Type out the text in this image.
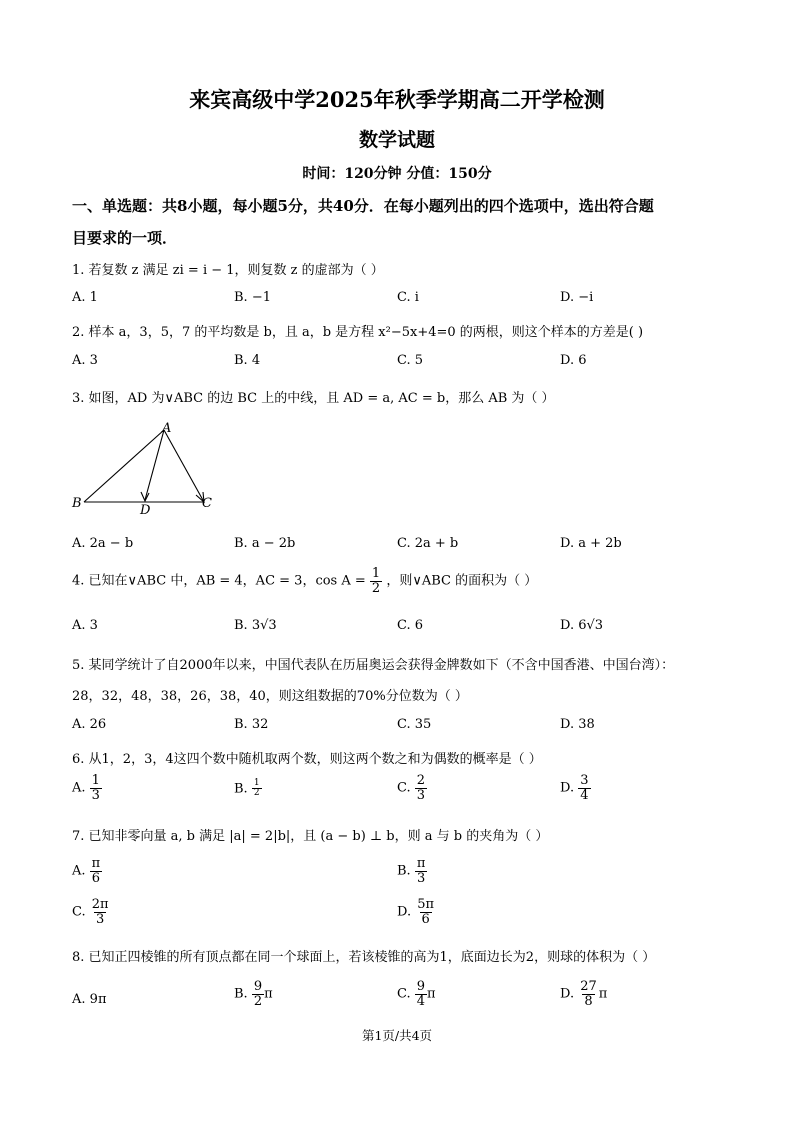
来宾高级中学2025年秋季学期高二开学检测
数学试题
时间：120分钟 分值：150分
一、单选题：共8小题，每小题5分，共40分．在每小题列出的四个选项中，选出符合题
目要求的一项．
1. 若复数 z 满足 zi = i − 1，则复数 z 的虚部为（ ）
A. 1	B. −1	C. i	D. −i
2. 样本 a，3，5，7 的平均数是 b，且 a，b 是方程 x²−5x+4=0 的两根，则这个样本的方差是( )
A. 3	B. 4	C. 5	D. 6
3. 如图，AD 为∨ABC 的边 BC 上的中线，且 AD = a, AC = b，那么 AB 为（ ）
A
B	D	C
A. 2a − b	B. a − 2b	C. 2a + b	D. a + 2b
4. 已知在∨ABC 中，AB = 4，AC = 3，$\cos A = \frac{1}{2}$ ，则∨ABC 的面积为（ ）
A. 3	B. 3√3	C. 6	D. 6√3
5. 某同学统计了自2000年以来，中国代表队在历届奥运会获得金牌数如下（不含中国香港、中国台湾）：
28，32，48，38，26，38，40，则这组数据的70%分位数为（ ）
A. 26	B. 32	C. 35	D. 38
6. 从1，2，3，4这四个数中随机取两个数，则这两个数之和为偶数的概率是（ ）
A. $\frac{1}{3}$	B. $\frac{1}{2}$	C. $\frac{2}{3}$	D. $\frac{3}{4}$
7. 已知非零向量 a, b 满足 |a| = 2|b|，且 (a − b) ⊥ b，则 a 与 b 的夹角为（ ）
A. $\frac{\pi}{6}$	B. $\frac{\pi}{3}$
C. $\frac{2\pi}{3}$	D. $\frac{5\pi}{6}$
8. 已知正四棱锥的所有顶点都在同一个球面上，若该棱锥的高为1，底面边长为2，则球的体积为（ ）
A. 9π	B. $\frac{9}{2}$ π	C. $\frac{9}{4}$ π	D. $\frac{27}{8}$ π
第1页/共4页
